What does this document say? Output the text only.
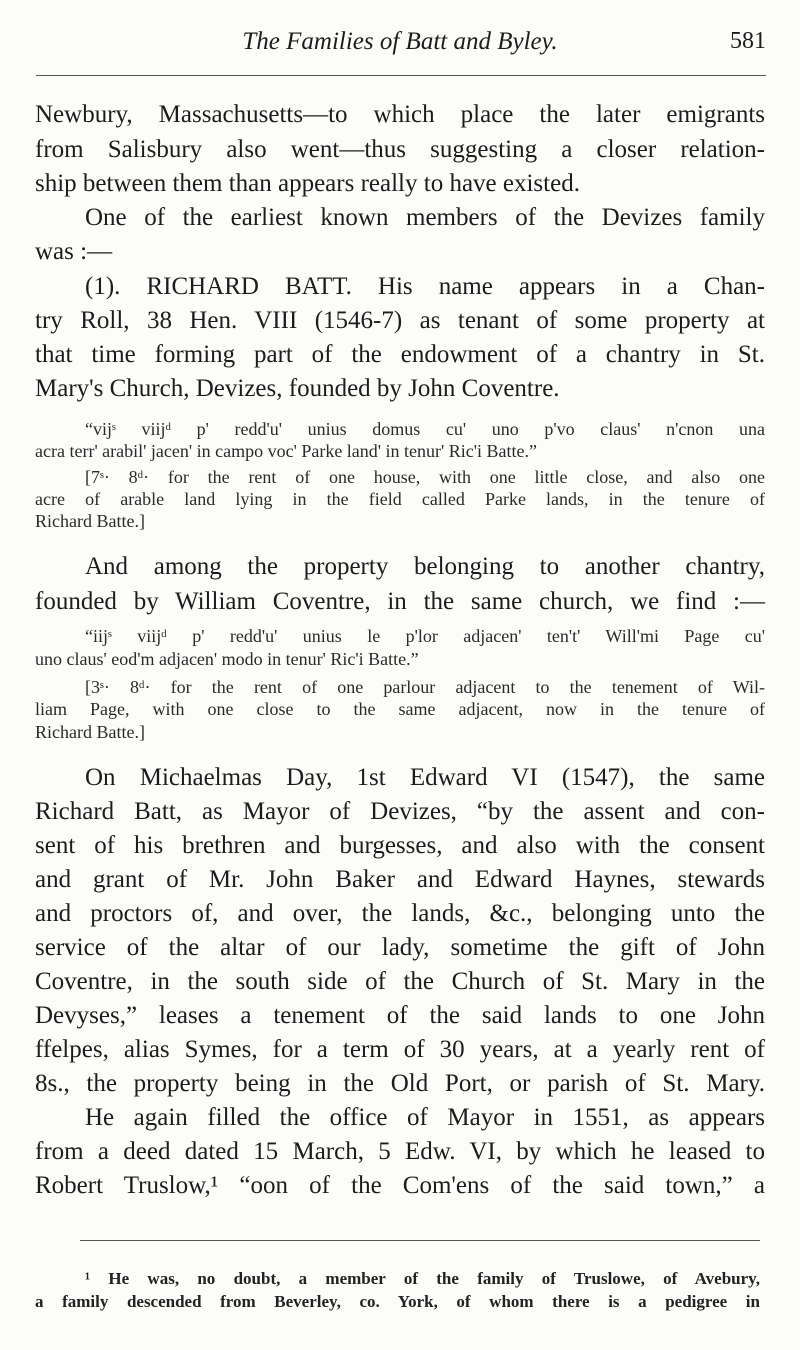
The Families of Batt and Byley.	581
Newbury, Massachusetts—to which place the later emigrants
from Salisbury also went—thus suggesting a closer relation-
ship between them than appears really to have existed.
One of the earliest known members of the Devizes family
was :—
(1). RICHARD BATT. His name appears in a Chan-
try Roll, 38 Hen. VIII (1546-7) as tenant of some property at
that time forming part of the endowment of a chantry in St.
Mary's Church, Devizes, founded by John Coventre.
“vijˢ viijᵈ p' redd'u' unius domus cu' uno p'vo claus' n'cnon una
acra terr' arabil' jacen' in campo voc' Parke land' in tenur' Ric'i Batte.”
[7ˢ· 8ᵈ· for the rent of one house, with one little close, and also one
acre of arable land lying in the field called Parke lands, in the tenure of
Richard Batte.]
And among the property belonging to another chantry,
founded by William Coventre, in the same church, we find :—
“iijˢ viijᵈ p' redd'u' unius le p'lor adjacen' ten't' Will'mi Page cu'
uno claus' eod'm adjacen' modo in tenur' Ric'i Batte.”
[3ˢ· 8ᵈ· for the rent of one parlour adjacent to the tenement of Wil-
liam Page, with one close to the same adjacent, now in the tenure of
Richard Batte.]
On Michaelmas Day, 1st Edward VI (1547), the same
Richard Batt, as Mayor of Devizes, “by the assent and con-
sent of his brethren and burgesses, and also with the consent
and grant of Mr. John Baker and Edward Haynes, stewards
and proctors of, and over, the lands, &c., belonging unto the
service of the altar of our lady, sometime the gift of John
Coventre, in the south side of the Church of St. Mary in the
Devyses,” leases a tenement of the said lands to one John
ffelpes, alias Symes, for a term of 30 years, at a yearly rent of
8s., the property being in the Old Port, or parish of St. Mary.
He again filled the office of Mayor in 1551, as appears
from a deed dated 15 March, 5 Edw. VI, by which he leased to
Robert Truslow,¹ “oon of the Com'ens of the said town,” a
¹ He was, no doubt, a member of the family of Truslowe, of Avebury,
a family descended from Beverley, co. York, of whom there is a pedigree in
